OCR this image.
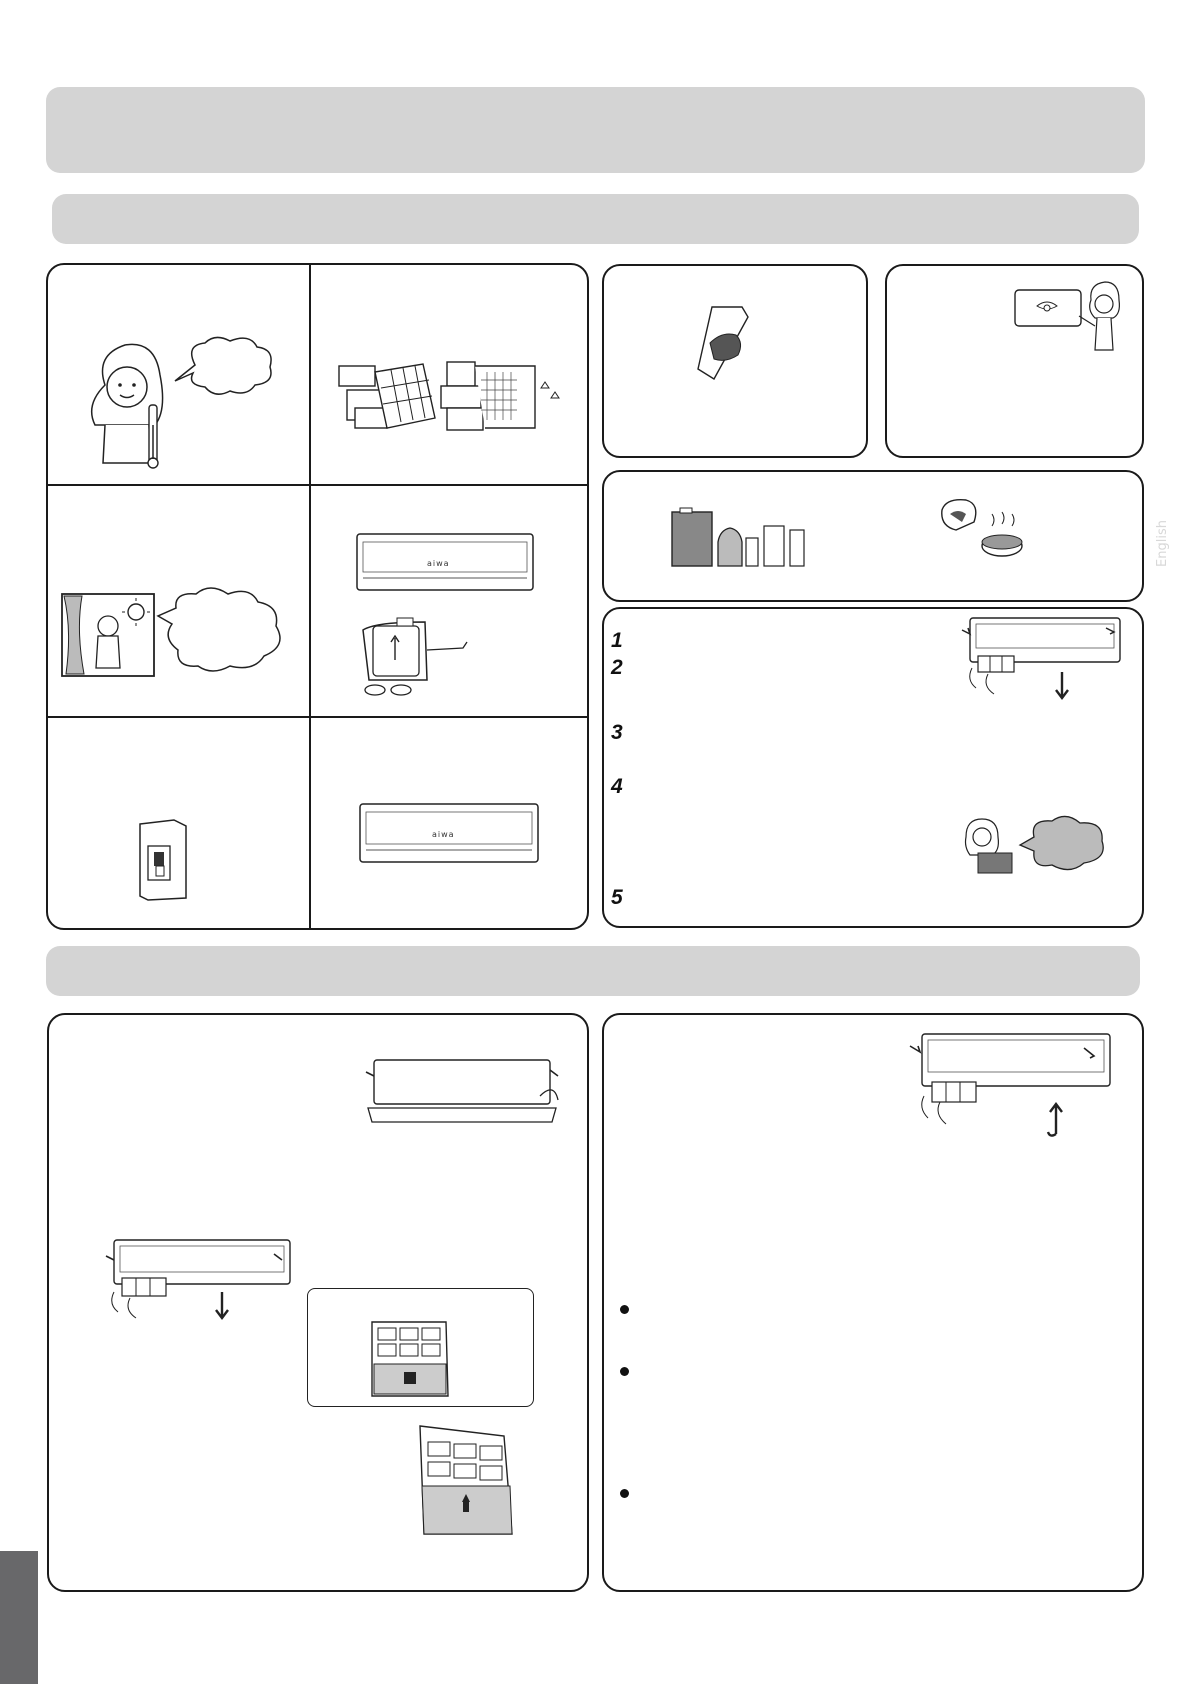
aiwa
aiwa
1
2
3
4
5
English
